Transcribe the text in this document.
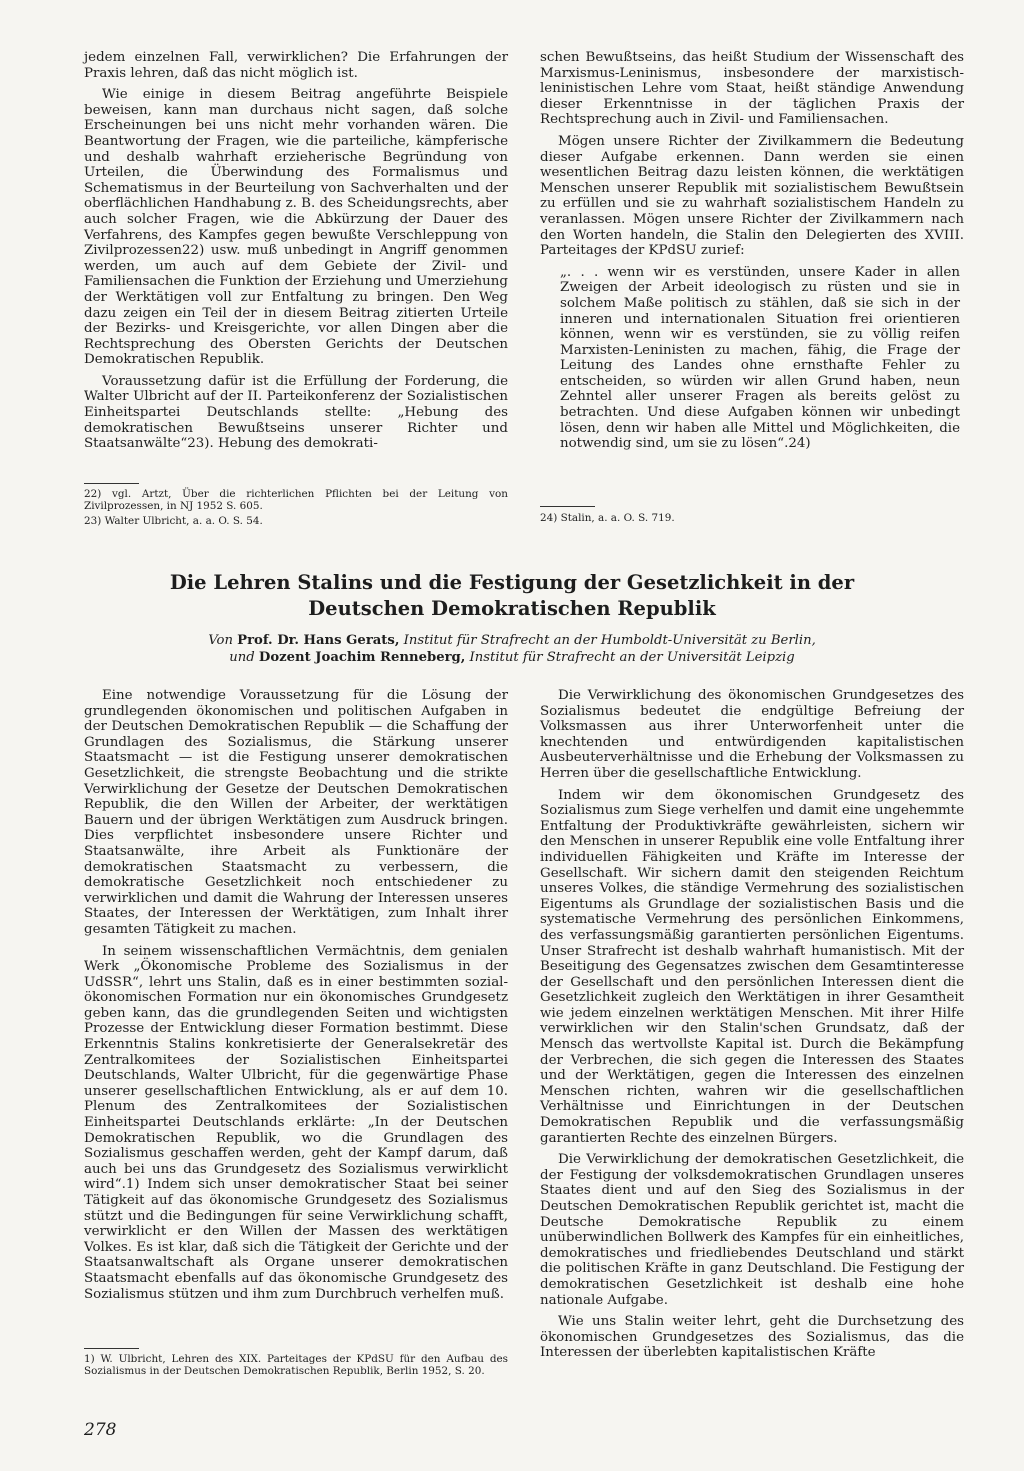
jedem einzelnen Fall, verwirklichen? Die Erfahrungen der Praxis lehren, daß das nicht möglich ist.

Wie einige in diesem Beitrag angeführte Beispiele beweisen, kann man durchaus nicht sagen, daß solche Erscheinungen bei uns nicht mehr vorhanden wären. Die Beantwortung der Fragen, wie die parteiliche, kämpferische und deshalb wahrhaft erzieherische Begründung von Urteilen, die Überwindung des Formalismus und Schematismus in der Beurteilung von Sachverhalten und der oberflächlichen Handhabung z. B. des Scheidungsrechts, aber auch solcher Fragen, wie die Abkürzung der Dauer des Verfahrens, des Kampfes gegen bewußte Verschleppung von Zivilprozessen22) usw. muß unbedingt in Angriff genommen werden, um auch auf dem Gebiete der Zivil- und Familiensachen die Funktion der Erziehung und Umerziehung der Werktätigen voll zur Entfaltung zu bringen. Den Weg dazu zeigen ein Teil der in diesem Beitrag zitierten Urteile der Bezirks- und Kreisgerichte, vor allen Dingen aber die Rechtsprechung des Obersten Gerichts der Deutschen Demokratischen Republik.

Voraussetzung dafür ist die Erfüllung der Forderung, die Walter Ulbricht auf der II. Parteikonferenz der Sozialistischen Einheitspartei Deutschlands stellte: „Hebung des demokratischen Bewußtseins unserer Richter und Staatsanwälte“23). Hebung des demokrati-

22) vgl. Artzt, Über die richterlichen Pflichten bei der Leitung von Zivilprozessen, in NJ 1952 S. 605.
23) Walter Ulbricht, a. a. O. S. 54.

schen Bewußtseins, das heißt Studium der Wissenschaft des Marxismus-Leninismus, insbesondere der marxistisch-leninistischen Lehre vom Staat, heißt ständige Anwendung dieser Erkenntnisse in der täglichen Praxis der Rechtsprechung auch in Zivil- und Familiensachen.

Mögen unsere Richter der Zivilkammern die Bedeutung dieser Aufgabe erkennen. Dann werden sie einen wesentlichen Beitrag dazu leisten können, die werktätigen Menschen unserer Republik mit sozialistischem Bewußtsein zu erfüllen und sie zu wahrhaft sozialistischem Handeln zu veranlassen. Mögen unsere Richter der Zivilkammern nach den Worten handeln, die Stalin den Delegierten des XVIII. Parteitages der KPdSU zurief:

„. . . wenn wir es verstünden, unsere Kader in allen Zweigen der Arbeit ideologisch zu rüsten und sie in solchem Maße politisch zu stählen, daß sie sich in der inneren und internationalen Situation frei orientieren können, wenn wir es verstünden, sie zu völlig reifen Marxisten-Leninisten zu machen, fähig, die Frage der Leitung des Landes ohne ernsthafte Fehler zu entscheiden, so würden wir allen Grund haben, neun Zehntel aller unserer Fragen als bereits gelöst zu betrachten. Und diese Aufgaben können wir unbedingt lösen, denn wir haben alle Mittel und Möglichkeiten, die notwendig sind, um sie zu lösen“.24)
24) Stalin, a. a. O. S. 719.
Die Lehren Stalins und die Festigung der Gesetzlichkeit in der
Deutschen Demokratischen Republik
Von Prof. Dr. Hans Gerats, Institut für Strafrecht an der Humboldt-Universität zu Berlin,
und Dozent Joachim Renneberg, Institut für Strafrecht an der Universität Leipzig

Eine notwendige Voraussetzung für die Lösung der grundlegenden ökonomischen und politischen Aufgaben in der Deutschen Demokratischen Republik — die Schaffung der Grundlagen des Sozialismus, die Stärkung unserer Staatsmacht — ist die Festigung unserer demokratischen Gesetzlichkeit, die strengste Beobachtung und die strikte Verwirklichung der Gesetze der Deutschen Demokratischen Republik, die den Willen der Arbeiter, der werktätigen Bauern und der übrigen Werktätigen zum Ausdruck bringen. Dies verpflichtet insbesondere unsere Richter und Staatsanwälte, ihre Arbeit als Funktionäre der demokratischen Staatsmacht zu verbessern, die demokratische Gesetzlichkeit noch entschiedener zu verwirklichen und damit die Wahrung der Interessen unseres Staates, der Interessen der Werktätigen, zum Inhalt ihrer gesamten Tätigkeit zu machen.

In seinem wissenschaftlichen Vermächtnis, dem genialen Werk „Ökonomische Probleme des Sozialismus in der UdSSR“, lehrt uns Stalin, daß es in einer bestimmten sozial-ökonomischen Formation nur ein ökonomisches Grundgesetz geben kann, das die grundlegenden Seiten und wichtigsten Prozesse der Entwicklung dieser Formation bestimmt. Diese Erkenntnis Stalins konkretisierte der Generalsekretär des Zentralkomitees der Sozialistischen Einheitspartei Deutschlands, Walter Ulbricht, für die gegenwärtige Phase unserer gesellschaftlichen Entwicklung, als er auf dem 10. Plenum des Zentralkomitees der Sozialistischen Einheitspartei Deutschlands erklärte: „In der Deutschen Demokratischen Republik, wo die Grundlagen des Sozialismus geschaffen werden, geht der Kampf darum, daß auch bei uns das Grundgesetz des Sozialismus verwirklicht wird“.1) Indem sich unser demokratischer Staat bei seiner Tätigkeit auf das ökonomische Grundgesetz des Sozialismus stützt und die Bedingungen für seine Verwirklichung schafft, verwirklicht er den Willen der Massen des werktätigen Volkes. Es ist klar, daß sich die Tätigkeit der Gerichte und der Staatsanwaltschaft als Organe unserer demokratischen Staatsmacht ebenfalls auf das ökonomische Grundgesetz des Sozialismus stützen und ihm zum Durchbruch verhelfen muß.

1) W. Ulbricht, Lehren des XIX. Parteitages der KPdSU für den Aufbau des Sozialismus in der Deutschen Demokratischen Republik, Berlin 1952, S. 20.

Die Verwirklichung des ökonomischen Grundgesetzes des Sozialismus bedeutet die endgültige Befreiung der Volksmassen aus ihrer Unterworfenheit unter die knechtenden und entwürdigenden kapitalistischen Ausbeuterverhältnisse und die Erhebung der Volksmassen zu Herren über die gesellschaftliche Entwicklung.

Indem wir dem ökonomischen Grundgesetz des Sozialismus zum Siege verhelfen und damit eine ungehemmte Entfaltung der Produktivkräfte gewährleisten, sichern wir den Menschen in unserer Republik eine volle Entfaltung ihrer individuellen Fähigkeiten und Kräfte im Interesse der Gesellschaft. Wir sichern damit den steigenden Reichtum unseres Volkes, die ständige Vermehrung des sozialistischen Eigentums als Grundlage der sozialistischen Basis und die systematische Vermehrung des persönlichen Einkommens, des verfassungsmäßig garantierten persönlichen Eigentums. Unser Strafrecht ist deshalb wahrhaft humanistisch. Mit der Beseitigung des Gegensatzes zwischen dem Gesamtinteresse der Gesellschaft und den persönlichen Interessen dient die Gesetzlichkeit zugleich den Werktätigen in ihrer Gesamtheit wie jedem einzelnen werktätigen Menschen. Mit ihrer Hilfe verwirklichen wir den Stalin'schen Grundsatz, daß der Mensch das wertvollste Kapital ist. Durch die Bekämpfung der Verbrechen, die sich gegen die Interessen des Staates und der Werktätigen, gegen die Interessen des einzelnen Menschen richten, wahren wir die gesellschaftlichen Verhältnisse und Einrichtungen in der Deutschen Demokratischen Republik und die verfassungsmäßig garantierten Rechte des einzelnen Bürgers.

Die Verwirklichung der demokratischen Gesetzlichkeit, die der Festigung der volksdemokratischen Grundlagen unseres Staates dient und auf den Sieg des Sozialismus in der Deutschen Demokratischen Republik gerichtet ist, macht die Deutsche Demokratische Republik zu einem unüberwindlichen Bollwerk des Kampfes für ein einheitliches, demokratisches und friedliebendes Deutschland und stärkt die politischen Kräfte in ganz Deutschland. Die Festigung der demokratischen Gesetzlichkeit ist deshalb eine hohe nationale Aufgabe.

Wie uns Stalin weiter lehrt, geht die Durchsetzung des ökonomischen Grundgesetzes des Sozialismus, das die Interessen der überlebten kapitalistischen Kräfte

278
